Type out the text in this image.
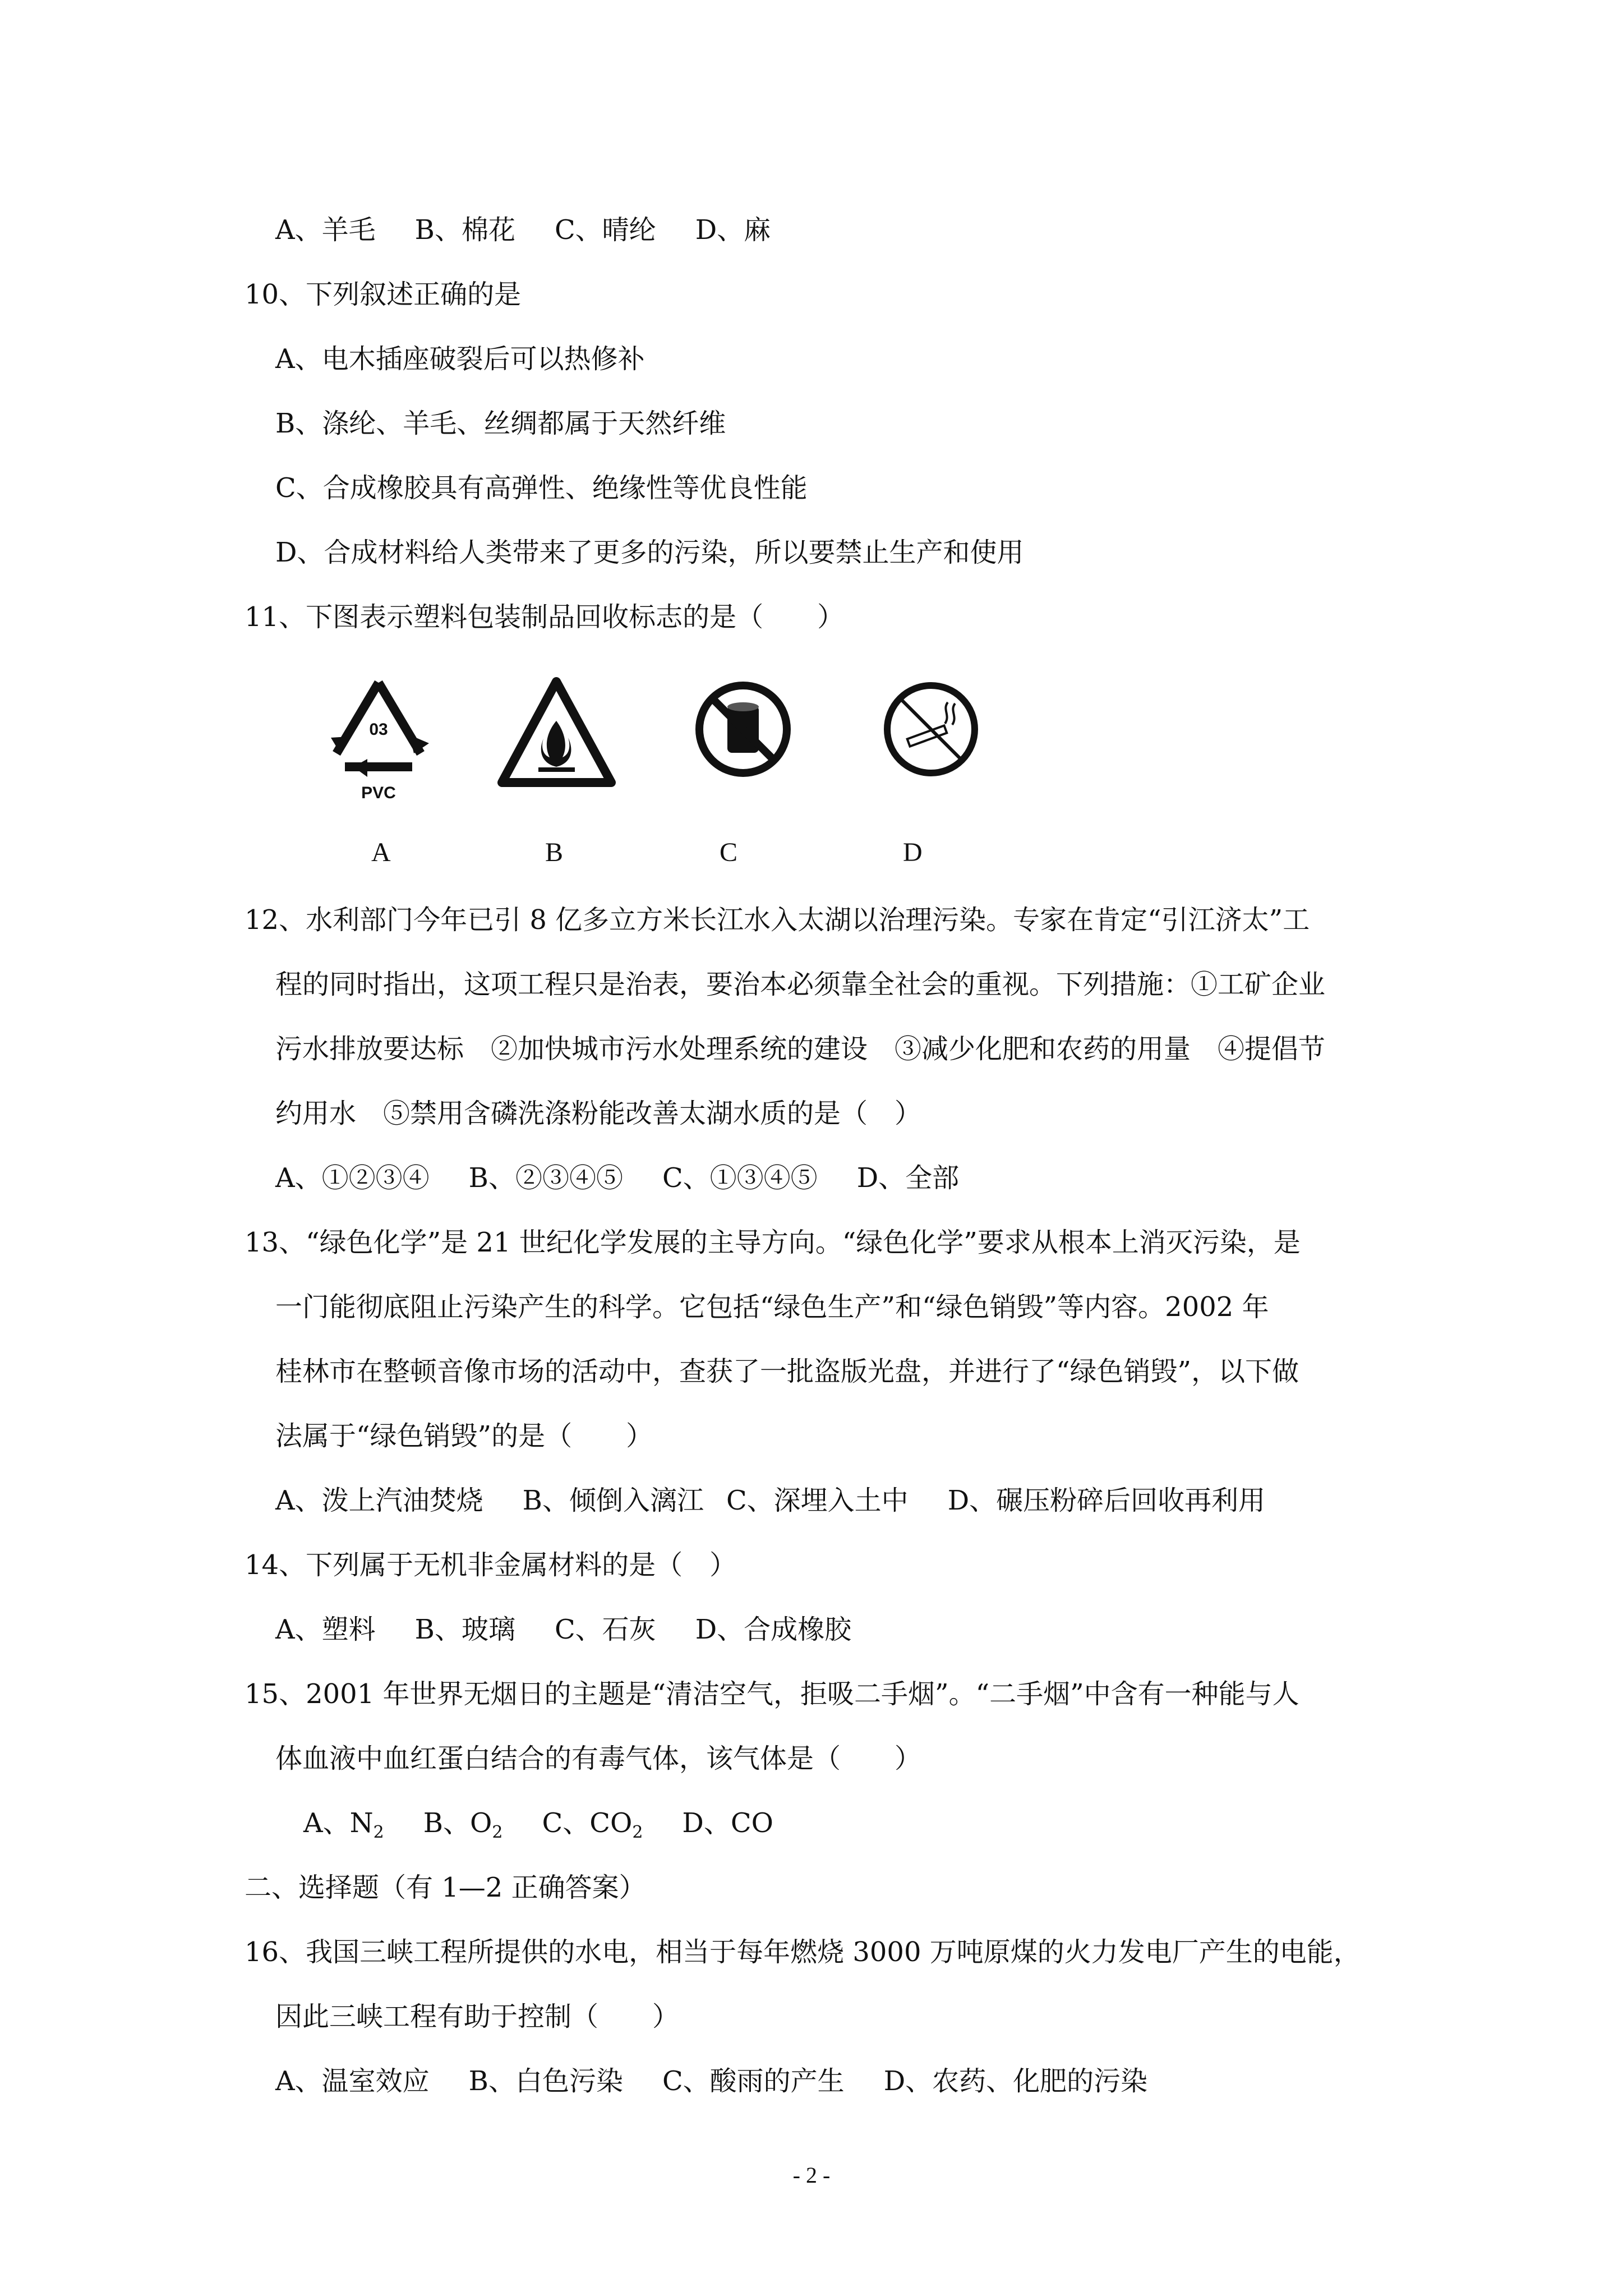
A、羊毛 B、棉花 C、晴纶 D、麻
10、下列叙述正确的是
A、电木插座破裂后可以热修补
B、涤纶、羊毛、丝绸都属于天然纤维
C、合成橡胶具有高弹性、绝缘性等优良性能
D、合成材料给人类带来了更多的污染，所以要禁止生产和使用
11、下图表示塑料包装制品回收标志的是（　　）
03
PVC
A	B	C	D
12、水利部门今年已引 8 亿多立方米长江水入太湖以治理污染。专家在肯定“引江济太”工
程的同时指出，这项工程只是治表，要治本必须靠全社会的重视。下列措施：①工矿企业
污水排放要达标　②加快城市污水处理系统的建设　③减少化肥和农药的用量　④提倡节
约用水　⑤禁用含磷洗涤粉能改善太湖水质的是（　）
A、①②③④ B、②③④⑤ C、①③④⑤ D、全部
13、“绿色化学”是 21 世纪化学发展的主导方向。“绿色化学”要求从根本上消灭污染，是
一门能彻底阻止污染产生的科学。它包括“绿色生产”和“绿色销毁”等内容。2002 年
桂林市在整顿音像市场的活动中，查获了一批盗版光盘，并进行了“绿色销毁”，以下做
法属于“绿色销毁”的是（　　）
A、泼上汽油焚烧 B、倾倒入漓江 C、深埋入土中 D、碾压粉碎后回收再利用
14、下列属于无机非金属材料的是（　）
A、塑料 B、玻璃 C、石灰 D、合成橡胶
15、2001 年世界无烟日的主题是“清洁空气，拒吸二手烟”。“二手烟”中含有一种能与人
体血液中血红蛋白结合的有毒气体，该气体是（　　）
A、$N_2$ B、$O_2$ C、$CO_2$ D、CO
二、选择题（有 1—2 正确答案）
16、我国三峡工程所提供的水电，相当于每年燃烧 3000 万吨原煤的火力发电厂产生的电能，
因此三峡工程有助于控制（　　）
A、温室效应 B、白色污染 C、酸雨的产生 D、农药、化肥的污染
- 2 -
